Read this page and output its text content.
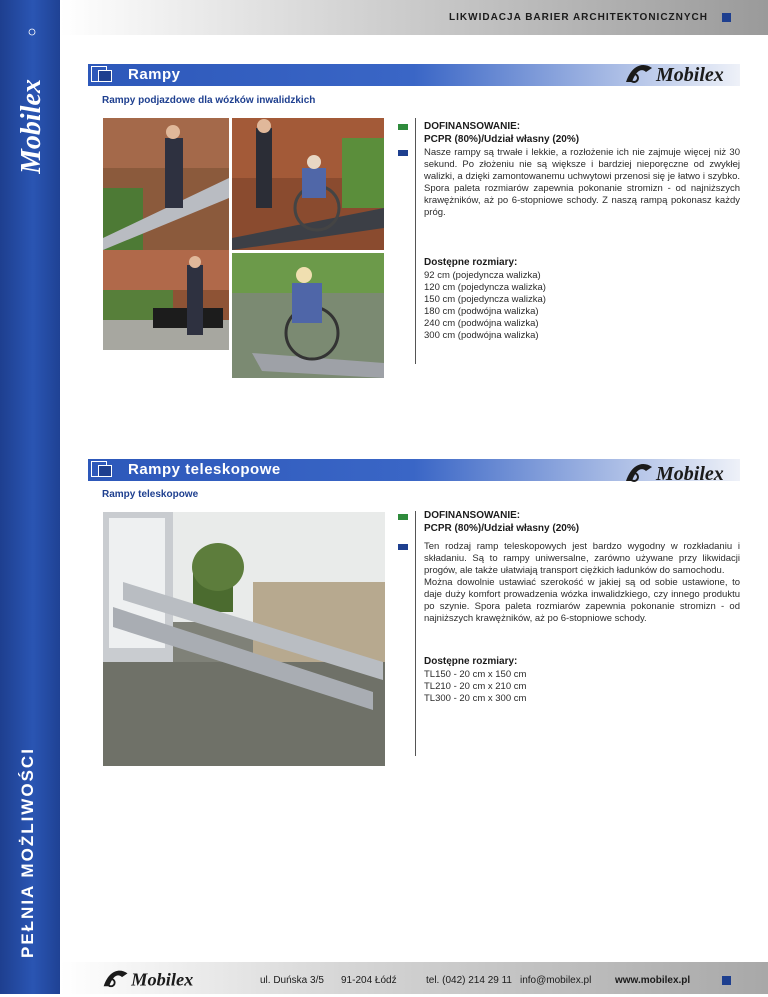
Mobilex
PEŁNIA MOŻLIWOŚCI
LIKWIDACJA BARIER ARCHITEKTONICZNYCH
Rampy	Mobilex
Rampy podjazdowe dla wózków inwalidzkich
DOFINANSOWANIE:
PCPR (80%)/Udział własny (20%)
Nasze rampy są trwałe i lekkie, a rozłożenie ich nie zajmuje więcej niż 30 sekund. Po złożeniu nie są większe i bardziej nieporęczne od zwykłej walizki, a dzięki zamontowanemu uchwytowi przenosi się je łatwo i szybko. Spora paleta rozmiarów zapewnia pokonanie stromizn - od najniższych krawężników, aż po 6-stopniowe schody. Z naszą rampą pokonasz każdy próg.
Dostępne rozmiary:
92 cm (pojedyncza walizka)
120 cm (pojedyncza walizka)
150 cm (pojedyncza walizka)
180 cm (podwójna walizka)
240 cm (podwójna walizka)
300 cm (podwójna walizka)
Rampy teleskopowe	Mobilex
Rampy teleskopowe
DOFINANSOWANIE:
PCPR (80%)/Udział własny (20%)
Ten rodzaj ramp teleskopowych jest bardzo wygodny w rozkładaniu i składaniu. Są to rampy uniwersalne, zarówno używane przy likwidacji progów, ale także ułatwiają transport ciężkich ładunków do samochodu.
Można dowolnie ustawiać szerokość w jakiej są od sobie ustawione, to daje duży komfort prowadzenia wózka inwalidzkiego, czy innego produktu po szynie. Spora paleta rozmiarów zapewnia pokonanie stromizn - od najniższych krawężników, aż po 6-stopniowe schody.
Dostępne rozmiary:
TL150 - 20 cm x 150 cm
TL210 - 20 cm x 210 cm
TL300 - 20 cm x 300 cm
Mobilex	ul. Duńska 3/5 91-204 Łódź	tel. (042) 214 29 11 info@mobilex.pl www.mobilex.pl
